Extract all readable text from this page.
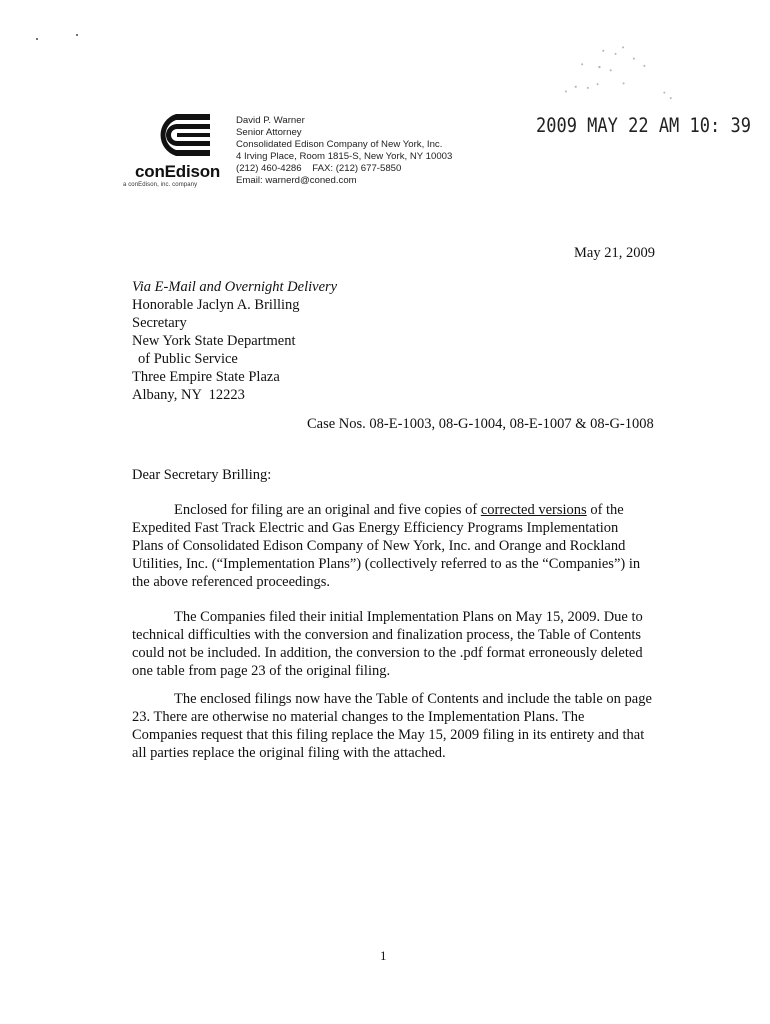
2009 MAY 22 AM 10: 39
conEdison
a conEdison, inc. company
David P. Warner
Senior Attorney
Consolidated Edison Company of New York, Inc.
4 Irving Place, Room 1815-S, New York, NY 10003
(212) 460-4286    FAX: (212) 677-5850
Email: warnerd@coned.com
May 21, 2009
Via E-Mail and Overnight Delivery
Honorable Jaclyn A. Brilling
Secretary
New York State Department
of Public Service
Three Empire State Plaza
Albany, NY  12223
Case Nos. 08-E-1003, 08-G-1004, 08-E-1007 & 08-G-1008
Dear Secretary Brilling:

Enclosed for filing are an original and five copies of corrected versions of the Expedited Fast Track Electric and Gas Energy Efficiency Programs Implementation Plans of Consolidated Edison Company of New York, Inc. and Orange and Rockland Utilities, Inc. (“Implementation Plans”) (collectively referred to as the “Companies”) in the above referenced proceedings.

The Companies filed their initial Implementation Plans on May 15, 2009. Due to technical difficulties with the conversion and finalization process, the Table of Contents could not be included. In addition, the conversion to the .pdf format erroneously deleted one table from page 23 of the original filing.

The enclosed filings now have the Table of Contents and include the table on page 23. There are otherwise no material changes to the Implementation Plans. The Companies request that this filing replace the May 15, 2009 filing in its entirety and that all parties replace the original filing with the attached.

1
